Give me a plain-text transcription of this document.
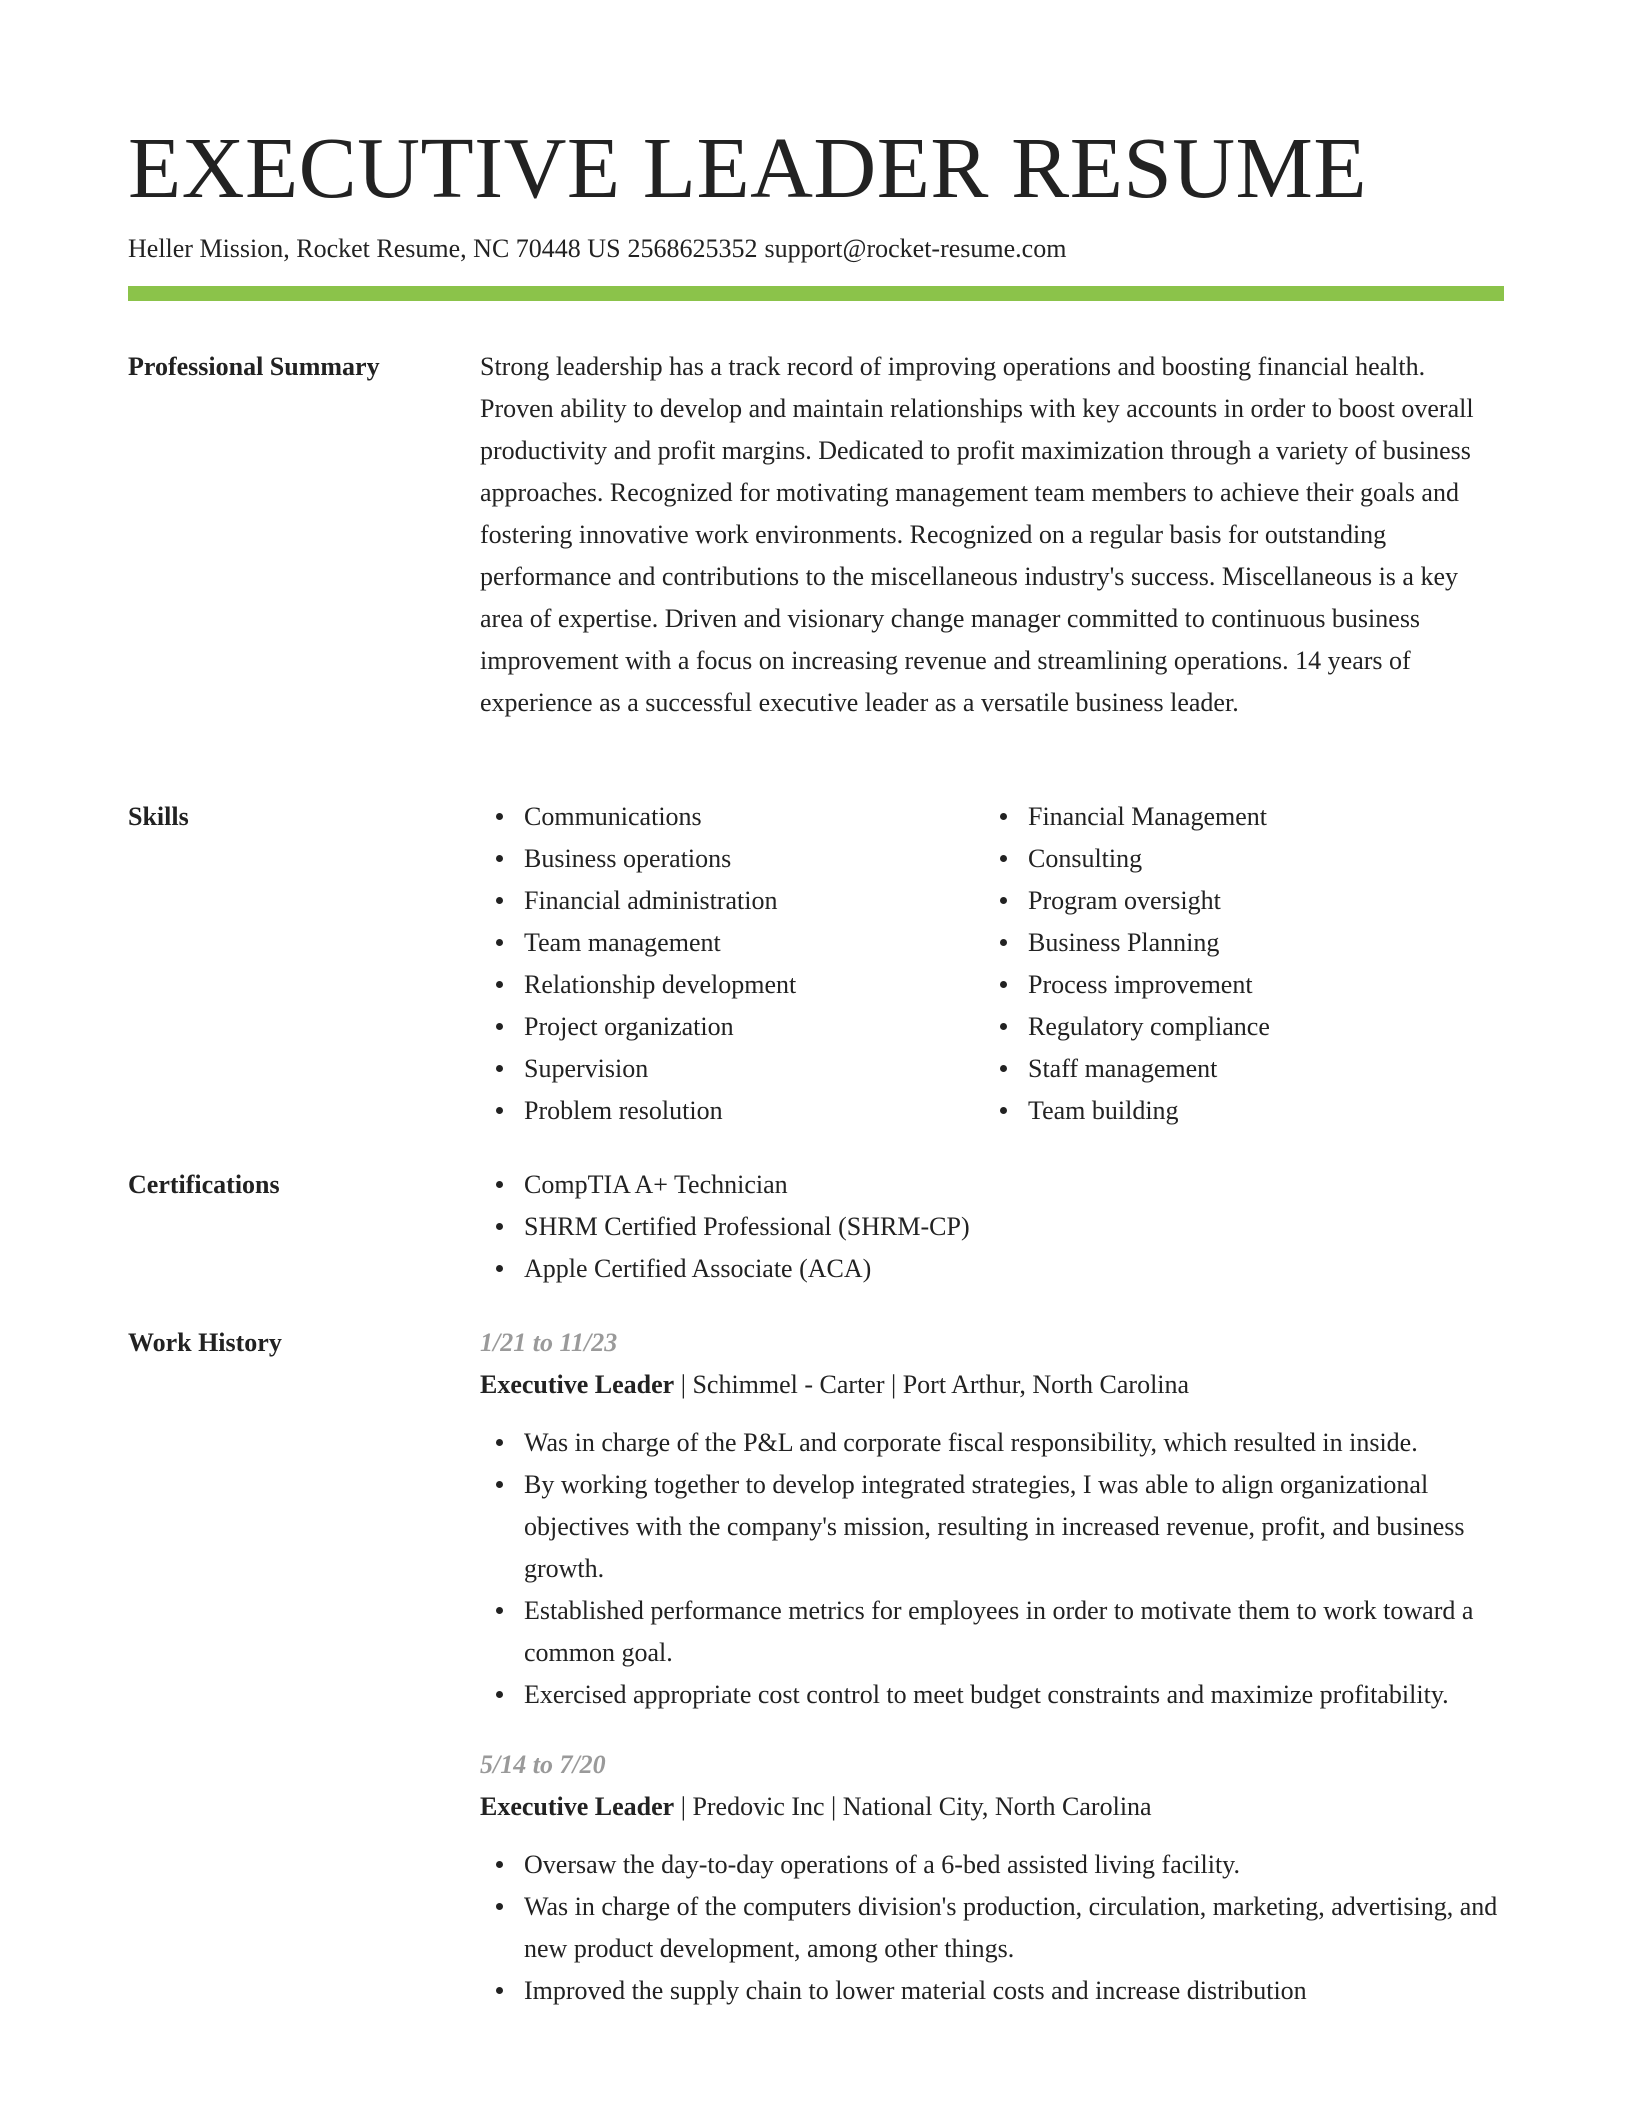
EXECUTIVE LEADER RESUME
Heller Mission, Rocket Resume, NC 70448 US 2568625352 support@rocket-resume.com
Professional Summary	Strong leadership has a track record of improving operations and boosting financial health. Proven ability to develop and maintain relationships with key accounts in order to boost overall productivity and profit margins. Dedicated to profit maximization through a variety of business approaches. Recognized for motivating management team members to achieve their goals and fostering innovative work environments. Recognized on a regular basis for outstanding performance and contributions to the miscellaneous industry's success. Miscellaneous is a key area of expertise. Driven and visionary change manager committed to continuous business improvement with a focus on increasing revenue and streamlining operations. 14 years of experience as a successful executive leader as a versatile business leader.

Skills	Communications
Business operations
Financial administration
Team management
Relationship development
Project organization
Supervision
Problem resolution
Financial Management
Consulting
Program oversight
Business Planning
Process improvement
Regulatory compliance
Staff management
Team building
Certifications	CompTIA A+ Technician
SHRM Certified Professional (SHRM-CP)
Apple Certified Associate (ACA)
Work History	1/21 to 11/23
Executive Leader | Schimmel - Carter | Port Arthur, North Carolina
Was in charge of the P&L and corporate fiscal responsibility, which resulted in inside.
By working together to develop integrated strategies, I was able to align organizational objectives with the company's mission, resulting in increased revenue, profit, and business growth.
Established performance metrics for employees in order to motivate them to work toward a common goal.
Exercised appropriate cost control to meet budget constraints and maximize profitability.
5/14 to 7/20
Executive Leader | Predovic Inc | National City, North Carolina
Oversaw the day-to-day operations of a 6-bed assisted living facility.
Was in charge of the computers division's production, circulation, marketing, advertising, and new product development, among other things.
Improved the supply chain to lower material costs and increase distribution
